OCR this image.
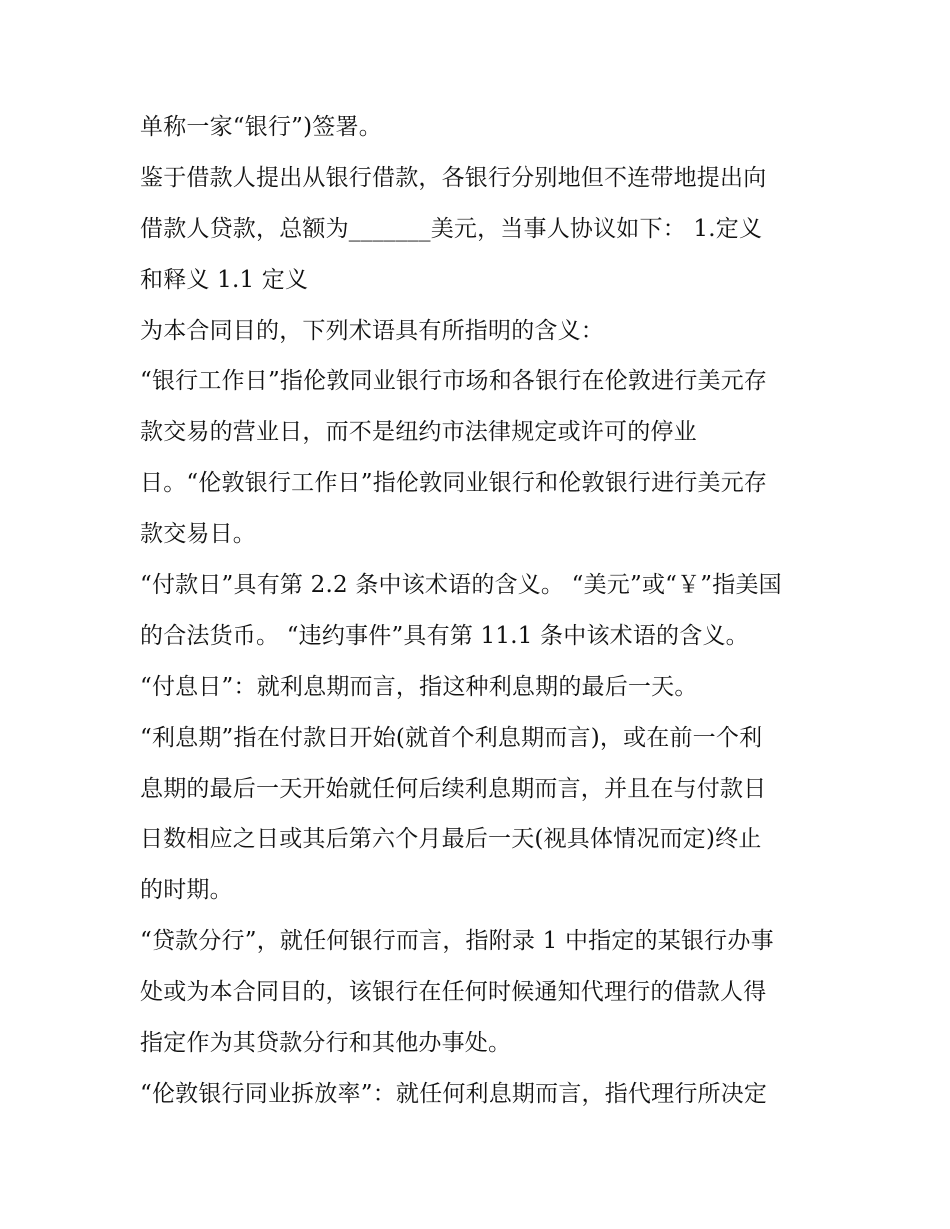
单称一家“银行”)签署。
鉴于借款人提出从银行借款，各银行分别地但不连带地提出向
借款人贷款，总额为_______美元，当事人协议如下： 1.定义
和释义 1.1 定义
为本合同目的，下列术语具有所指明的含义：
“银行工作日”指伦敦同业银行市场和各银行在伦敦进行美元存
款交易的营业日，而不是纽约市法律规定或许可的停业
日。“伦敦银行工作日”指伦敦同业银行和伦敦银行进行美元存
款交易日。
“付款日”具有第 2.2 条中该术语的含义。 “美元”或“￥”指美国
的合法货币。 “违约事件”具有第 11.1 条中该术语的含义。
“付息日”：就利息期而言，指这种利息期的最后一天。
“利息期”指在付款日开始(就首个利息期而言)，或在前一个利
息期的最后一天开始就任何后续利息期而言，并且在与付款日
日数相应之日或其后第六个月最后一天(视具体情况而定)终止
的时期。
“贷款分行”，就任何银行而言，指附录 1 中指定的某银行办事
处或为本合同目的，该银行在任何时候通知代理行的借款人得
指定作为其贷款分行和其他办事处。
“伦敦银行同业拆放率”：就任何利息期而言，指代理行所决定
